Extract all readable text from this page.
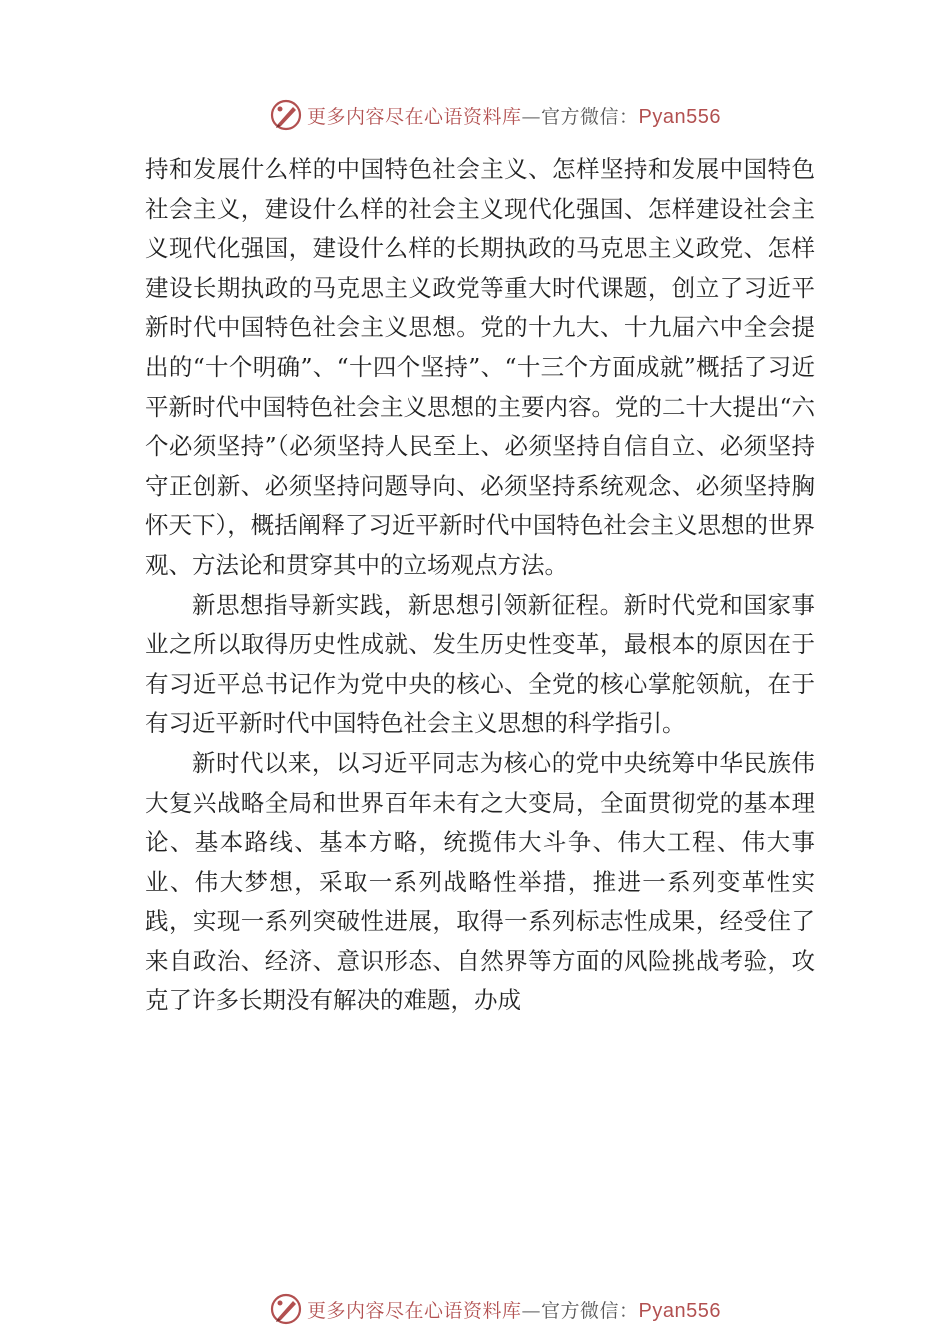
更多内容尽在心语资料库—官方微信：Pyan556

持和发展什么样的中国特色社会主义、怎样坚持和发展中国特色社会主义，建设什么样的社会主义现代化强国、怎样建设社会主义现代化强国，建设什么样的长期执政的马克思主义政党、怎样建设长期执政的马克思主义政党等重大时代课题，创立了习近平新时代中国特色社会主义思想。党的十九大、十九届六中全会提出的“十个明确”、“十四个坚持”、“十三个方面成就”概括了习近平新时代中国特色社会主义思想的主要内容。党的二十大提出“六个必须坚持”（必须坚持人民至上、必须坚持自信自立、必须坚持守正创新、必须坚持问题导向、必须坚持系统观念、必须坚持胸怀天下），概括阐释了习近平新时代中国特色社会主义思想的世界观、方法论和贯穿其中的立场观点方法。

新思想指导新实践，新思想引领新征程。新时代党和国家事业之所以取得历史性成就、发生历史性变革，最根本的原因在于有习近平总书记作为党中央的核心、全党的核心掌舵领航，在于有习近平新时代中国特色社会主义思想的科学指引。

新时代以来，以习近平同志为核心的党中央统筹中华民族伟大复兴战略全局和世界百年未有之大变局，全面贯彻党的基本理论、基本路线、基本方略，统揽伟大斗争、伟大工程、伟大事业、伟大梦想，采取一系列战略性举措，推进一系列变革性实践，实现一系列突破性进展，取得一系列标志性成果，经受住了来自政治、经济、意识形态、自然界等方面的风险挑战考验，攻克了许多长期没有解决的难题，办成

更多内容尽在心语资料库—官方微信：Pyan556
